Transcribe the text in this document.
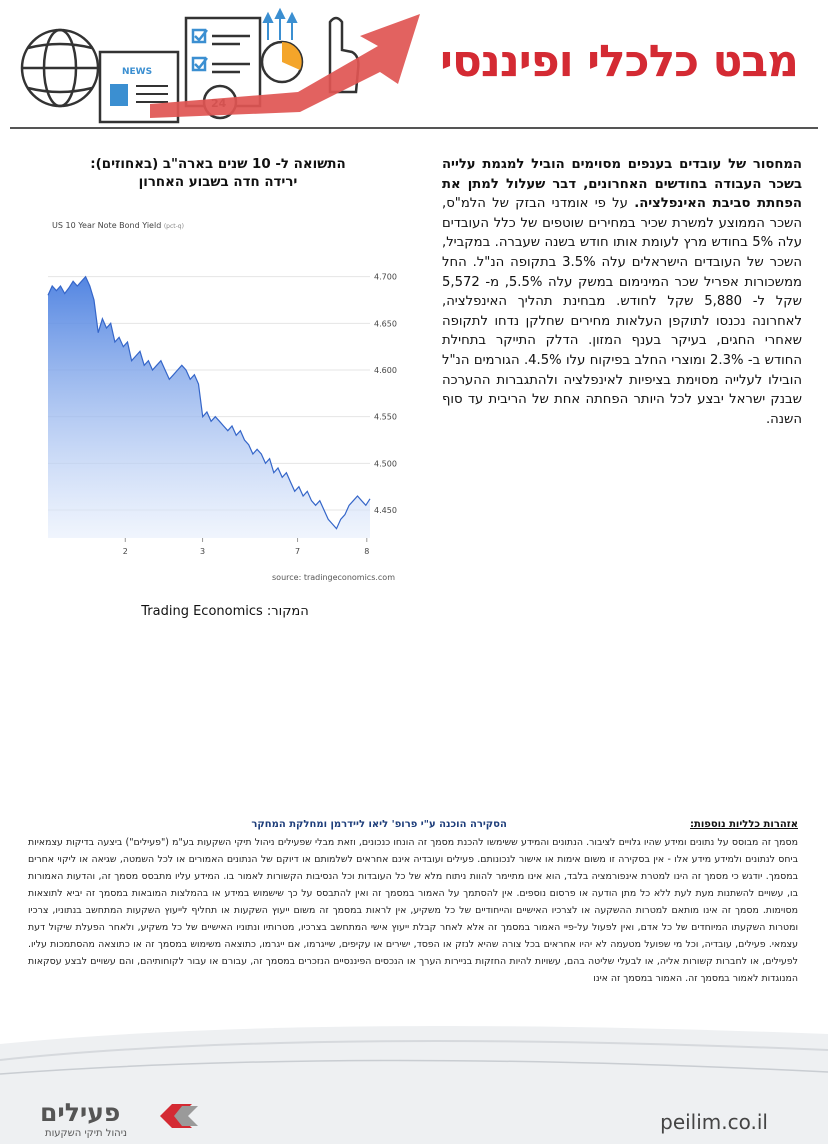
NEWS	מבט כלכלי ופיננסי
המחסור של עובדים בענפים מסוימים הוביל למגמת עלייה בשכר העבודה בחודשים האחרונים, דבר שעלול למתן את הפחתת סביבת האינפלציה. על פי אומדני הבזק של הלמ"ס, השכר הממוצע למשרת שכיר במחירים שוטפים של כלל העובדים עלה 5% בחודש מרץ לעומת אותו חודש בשנה שעברה. במקביל, השכר של העובדים הישראלים עלה 3.5% בתקופה הנ"ל. החל ממשכורות אפריל שכר המינימום במשק עלה 5.5%, מ- 5,572 שקל ל- 5,880 שקל לחודש. מבחינת תהליך האינפלציה, לאחרונה נכנסו לתוקפן העלאות מחירים שחלקן נדחו לתקופה שאחרי החגים, בעיקר בענף המזון. הדלק התייקר בתחילת החודש ב- 2.3% ומוצרי החלב בפיקוח עלו 4.5%. הגורמים הנ"ל הובילו לעלייה מסוימת בציפיות לאינפלציה ולהתגברות ההערכה שבנק ישראל יבצע לכל היותר הפחתה אחת של הריבית עד סוף השנה.
התשואה ל- 10 שנים בארה"ב (באחוזים):
ירידה חדה בשבוע האחרון
US 10 Year Note Bond Yield (pct-q)
4.700
4.650
4.600
4.550
4.500
4.450
2	3	7	8
source: tradingeconomics.com
המקור: Trading Economics
אזהרות כלליות נוספות: הסקירה הוכנה ע"י פרופ' ליאו ליידרמן ומחלקת המחקר
מסמך זה מבוסס על נתונים ומידע שהיו גלויים לציבור. הנתונים והמידע ששימשו להכנת מסמך זה הונחו כנכונים, וזאת מבלי שפעילים ניהול תיקי השקעות בע"מ ("פעילים") ביצעה בדיקות עצמאיות ביחס לנתונים ולמידע מידע אלו - אין בסקירה זו משום אימות או אישור לנכונותם. פעילים ועובדיה אינם אחראים לשלמותם או דיוקם של הנתונים האמורים או לכל השמטה, שגיאה או ליקוי אחרים במסמך. יודגש כי מסמך זה הינו למטרת אינפורמציה בלבד, הוא אינו מתיימר להוות ניתוח מלא של כל העובדות וכל הנסיבות הקשורות לאמור בו. המידע עליו מתבסס מסמך זה, והדעות האמורות בו, עשויים להשתנות מעת לעת ללא כל מתן הודעה או פרסום נוספים. אין להסתמך על האמור במסמך זה ואין להתבסס על כך שישמוש במידע או בהמלצות המובאות במסמך זה יביא לתוצאות מסוימות. מסמך זה אינו מותאם למטרות ההשקעה או לצרכיו האישיים והייחודיים של כל משקיע, אין לראות במסמך זה משום ייעוץ השקעות או תחליף לייעוץ השקעות המתחשב בנתוניו, צרכיו ומטרות השקעתו המיוחדים של כל אדם, ואין לפעול על-פיי האמור במסמך זה אלא לאחר קבלת ייעוץ אישי המתחשב בצרכיו, מטרותיו ונתוניו האישיים של כל משקיע, ולאחר הפעלת שיקול דעת עצמאי. פעילים, עובדיה, וכל מי שפועל מטעמה לא יהיו אחראים בכל צורה שהיא לנזק או הפסד, ישירים או עקיפים, שייגרמו, אם ייגרמו, כתוצאה משימוש במסמך זה או כתוצאה מהסתמכות עליו. לפעילים, או לחברות קשורות אליה, או לבעלי שליטה בהם, עשויות להיות החזקות בניירות הערך או הנכסים הפיננסיים הנזכרים במסמך זה, עבורם או עבור לקוחותיהם, והם עשויים לבצע עסקאות המנוגדות לאמור במסמך זה. האמור במסמך זה אינו
פעילים
ניהול תיקי השקעות	peilim.co.il
